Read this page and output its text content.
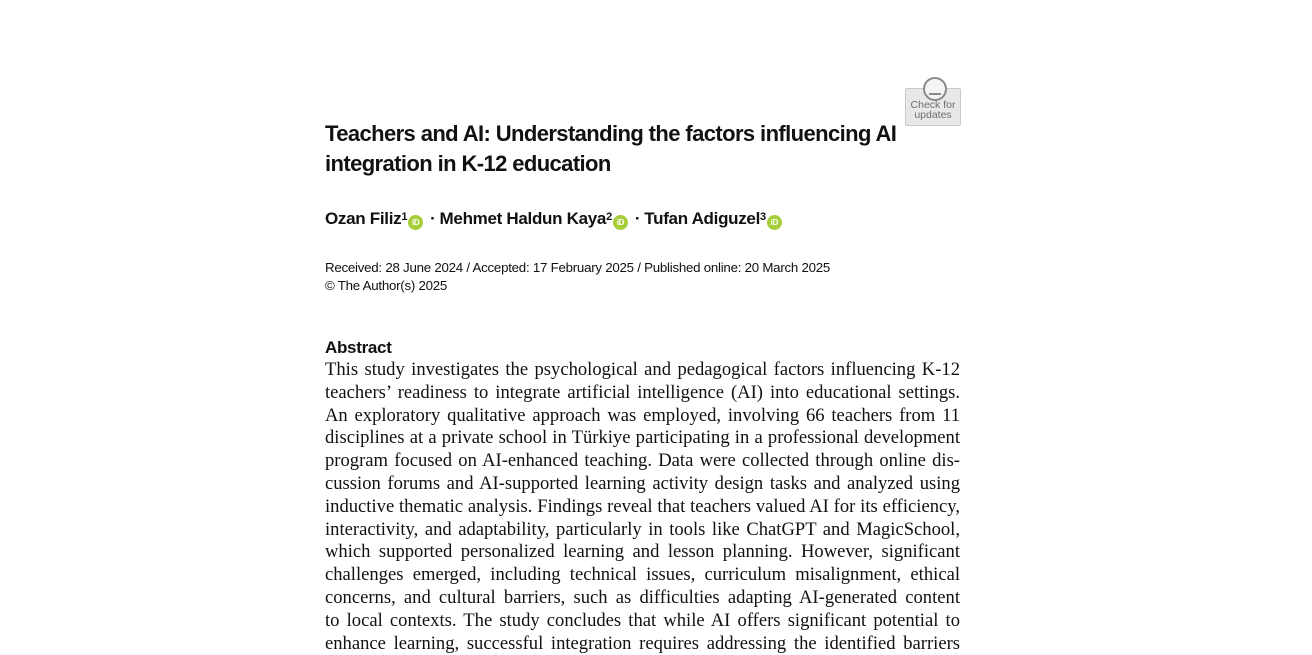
Check for
updates
Teachers and AI: Understanding the factors influencing AI integration in K-12 education
Ozan Filiz$^1$ iD · Mehmet Haldun Kaya$^2$ iD · Tufan Adiguzel$^3$ iD
Received: 28 June 2024 / Accepted: 17 February 2025 / Published online: 20 March 2025
© The Author(s) 2025
Abstract
This study investigates the psychological and pedagogical factors influencing K-12
teachers’ readiness to integrate artificial intelligence (AI) into educational settings.
An exploratory qualitative approach was employed, involving 66 teachers from 11
disciplines at a private school in Türkiye participating in a professional development
program focused on AI-enhanced teaching. Data were collected through online dis-
cussion forums and AI-supported learning activity design tasks and analyzed using
inductive thematic analysis. Findings reveal that teachers valued AI for its efficiency,
interactivity, and adaptability, particularly in tools like ChatGPT and MagicSchool,
which supported personalized learning and lesson planning. However, significant
challenges emerged, including technical issues, curriculum misalignment, ethical
concerns, and cultural barriers, such as difficulties adapting AI-generated content
to local contexts. The study concludes that while AI offers significant potential to
enhance learning, successful integration requires addressing the identified barriers
